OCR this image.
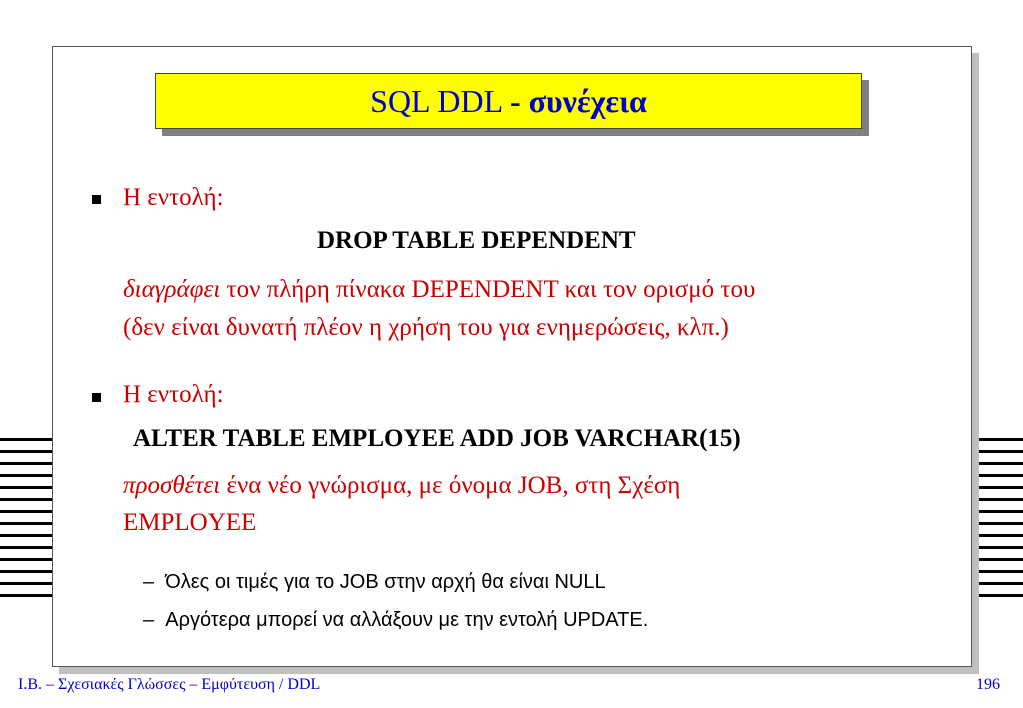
SQL DDL - συνέχεια
Η εντολή:
DROP TABLE DEPENDENT
διαγράφει τον πλήρη πίνακα DEPENDENT και τον ορισμό του
(δεν είναι δυνατή πλέον η χρήση του για ενημερώσεις, κλπ.)
Η εντολή:
ALTER TABLE EMPLOYEE ADD JOB VARCHAR(15)
προσθέτει ένα νέο γνώρισμα, με όνομα JOB, στη Σχέση
EMPLOYEE
–  Όλες οι τιμές για το JOB στην αρχή θα είναι NULL
–  Αργότερα μπορεί να αλλάξουν με την εντολή UPDATE.
Ι.Β. – Σχεσιακές Γλώσσες – Εμφύτευση / DDL	196
